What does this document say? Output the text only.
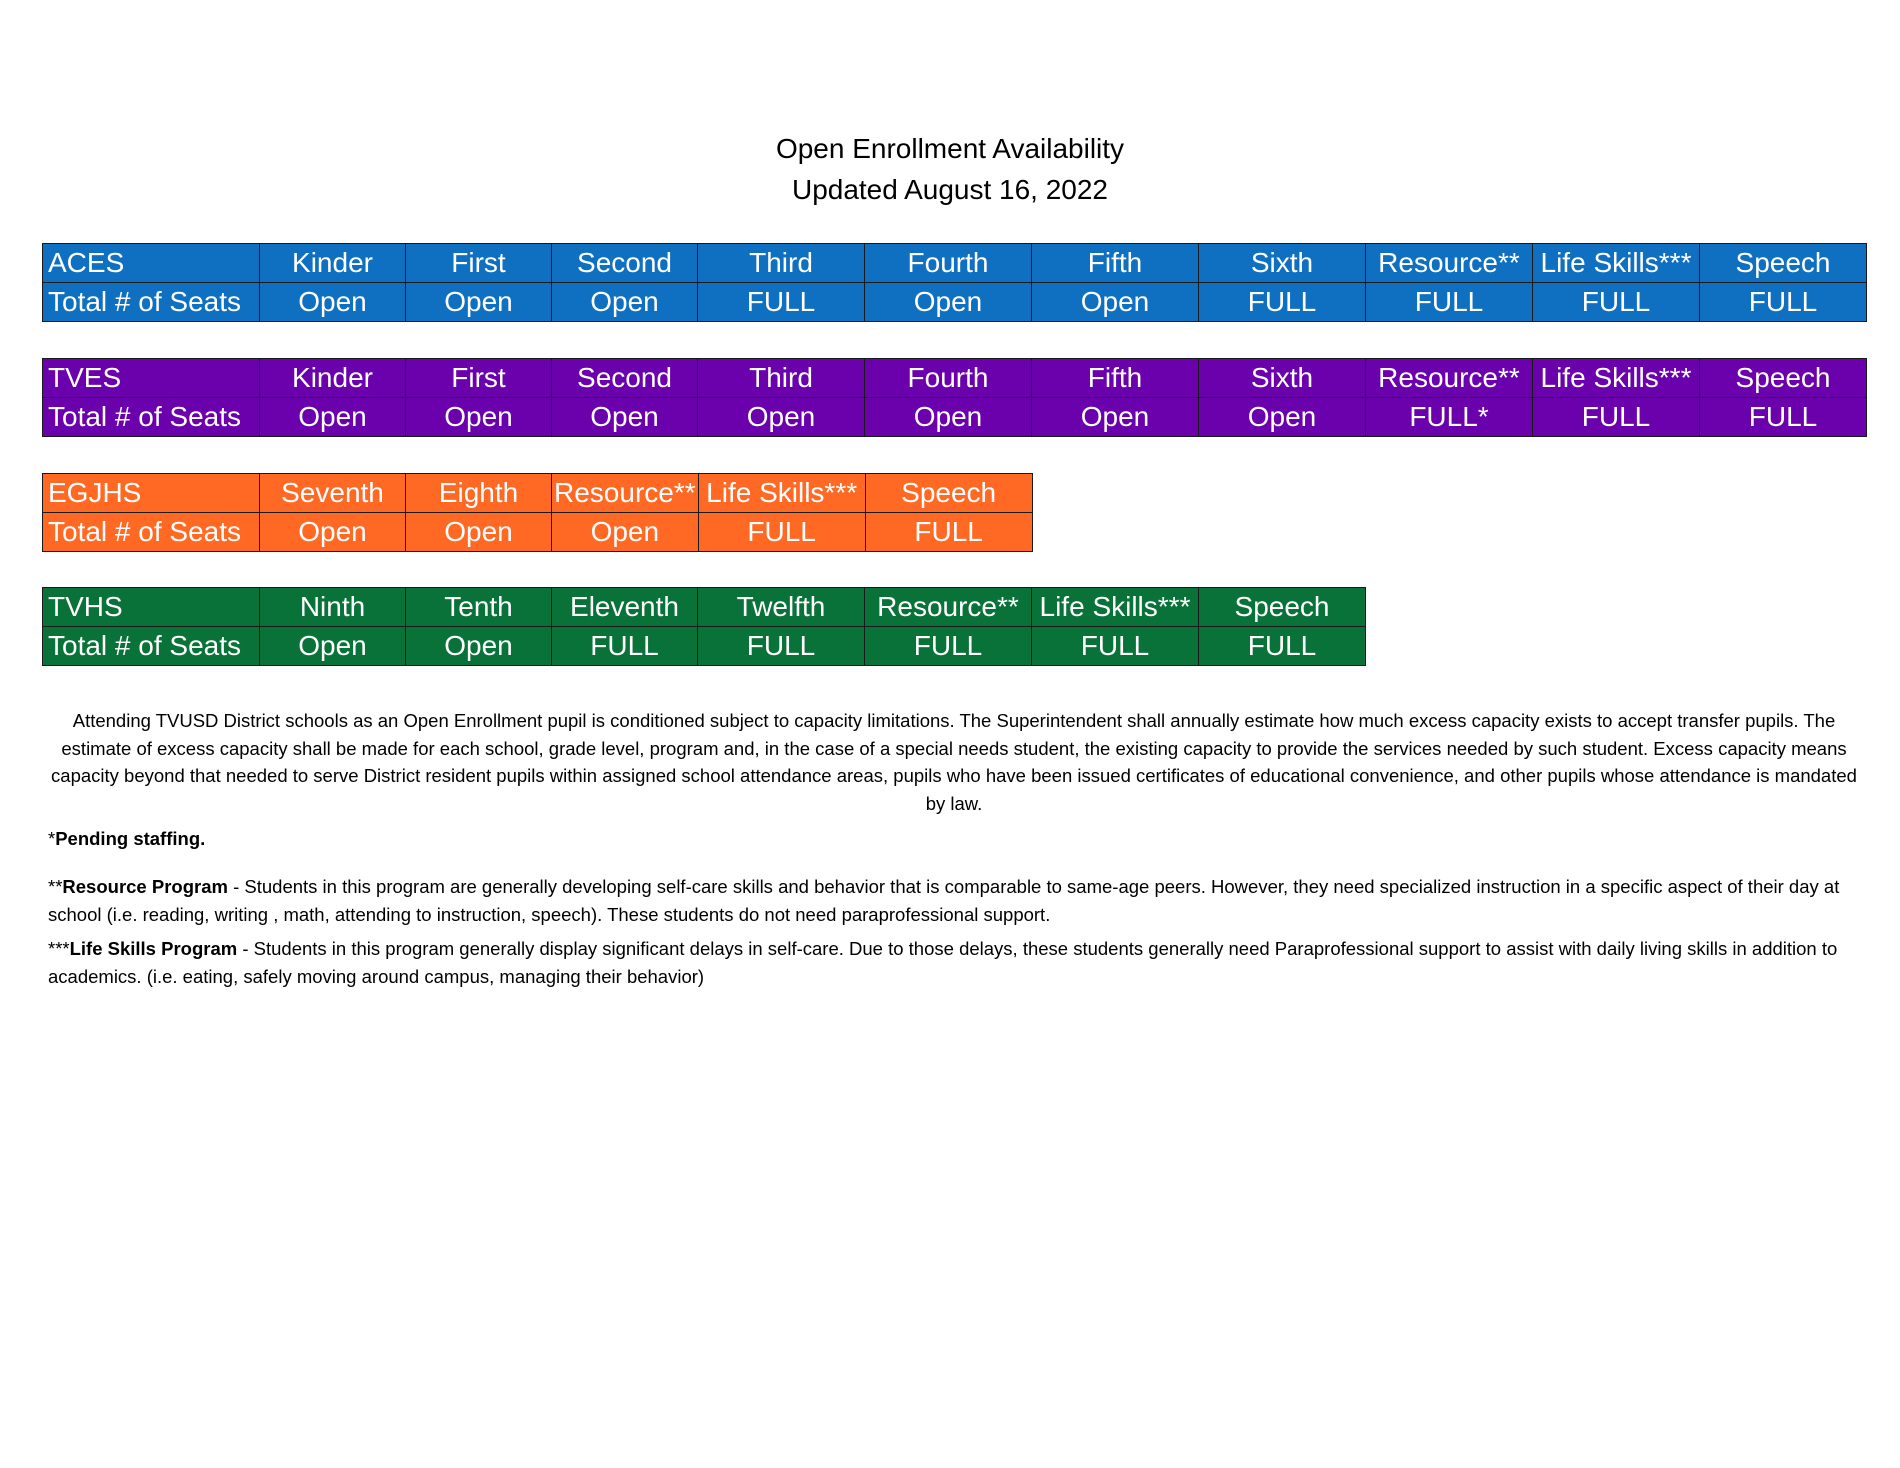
Open Enrollment Availability
Updated August 16, 2022
ACES	Kinder	First	Second	Third	Fourth	Fifth	Sixth	Resource**	Life Skills***	Speech
Total # of Seats	Open	Open	Open	FULL	Open	Open	FULL	FULL	FULL	FULL
TVES	Kinder	First	Second	Third	Fourth	Fifth	Sixth	Resource**	Life Skills***	Speech
Total # of Seats	Open	Open	Open	Open	Open	Open	Open	FULL*	FULL	FULL
EGJHS	Seventh	Eighth	Resource**	Life Skills***	Speech
Total # of Seats	Open	Open	Open	FULL	FULL
TVHS	Ninth	Tenth	Eleventh	Twelfth	Resource**	Life Skills***	Speech
Total # of Seats	Open	Open	FULL	FULL	FULL	FULL	FULL
Attending TVUSD District schools as an Open Enrollment pupil is conditioned subject to capacity limitations. The Superintendent shall annually estimate how much excess capacity exists to accept transfer pupils. The estimate of excess capacity shall be made for each school, grade level, program and, in the case of a special needs student, the existing capacity to provide the services needed by such student. Excess capacity means capacity beyond that needed to serve District resident pupils within assigned school attendance areas, pupils who have been issued certificates of educational convenience, and other pupils whose attendance is mandated by law.
*Pending staffing.
**Resource Program - Students in this program are generally developing self-care skills and behavior that is comparable to same-age peers. However, they need specialized instruction in a specific aspect of their day at school (i.e. reading, writing , math, attending to instruction, speech). These students do not need paraprofessional support.
***Life Skills Program - Students in this program generally display significant delays in self-care. Due to those delays, these students generally need Paraprofessional support to assist with daily living skills in addition to academics. (i.e. eating, safely moving around campus, managing their behavior)
